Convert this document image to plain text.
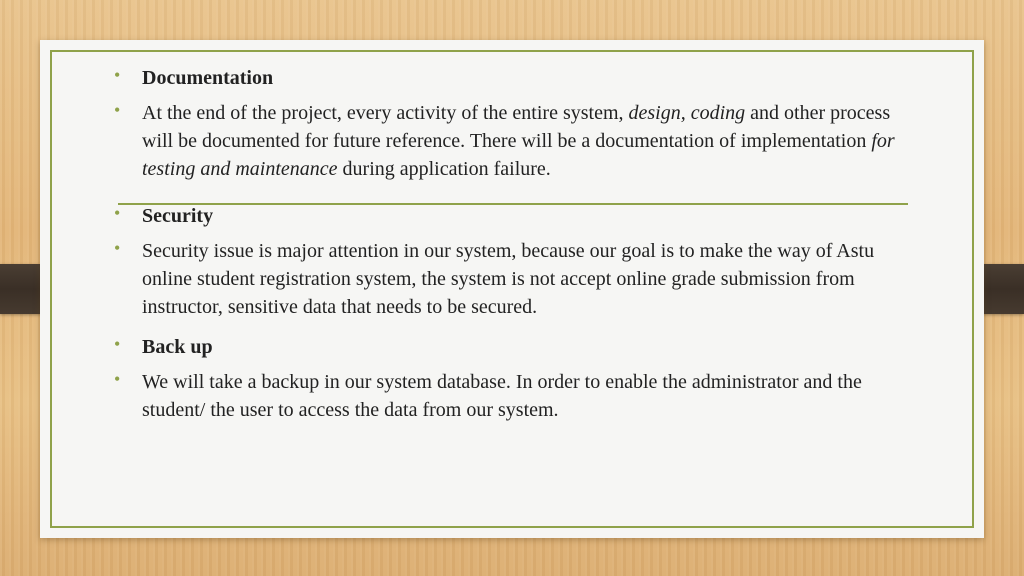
• Documentation
• At the end of the project, every activity of the entire system, design, coding and other process will be documented for future reference. There will be a documentation of implementation for testing and maintenance during application failure.
• Security
• Security issue is major attention in our system, because our goal is to make the way of Astu online student registration system, the system is not accept online grade submission from instructor, sensitive data that needs to be secured.
• Back up
• We will take a backup in our system database. In order to enable the administrator and the student/ the user to access the data from our system.
